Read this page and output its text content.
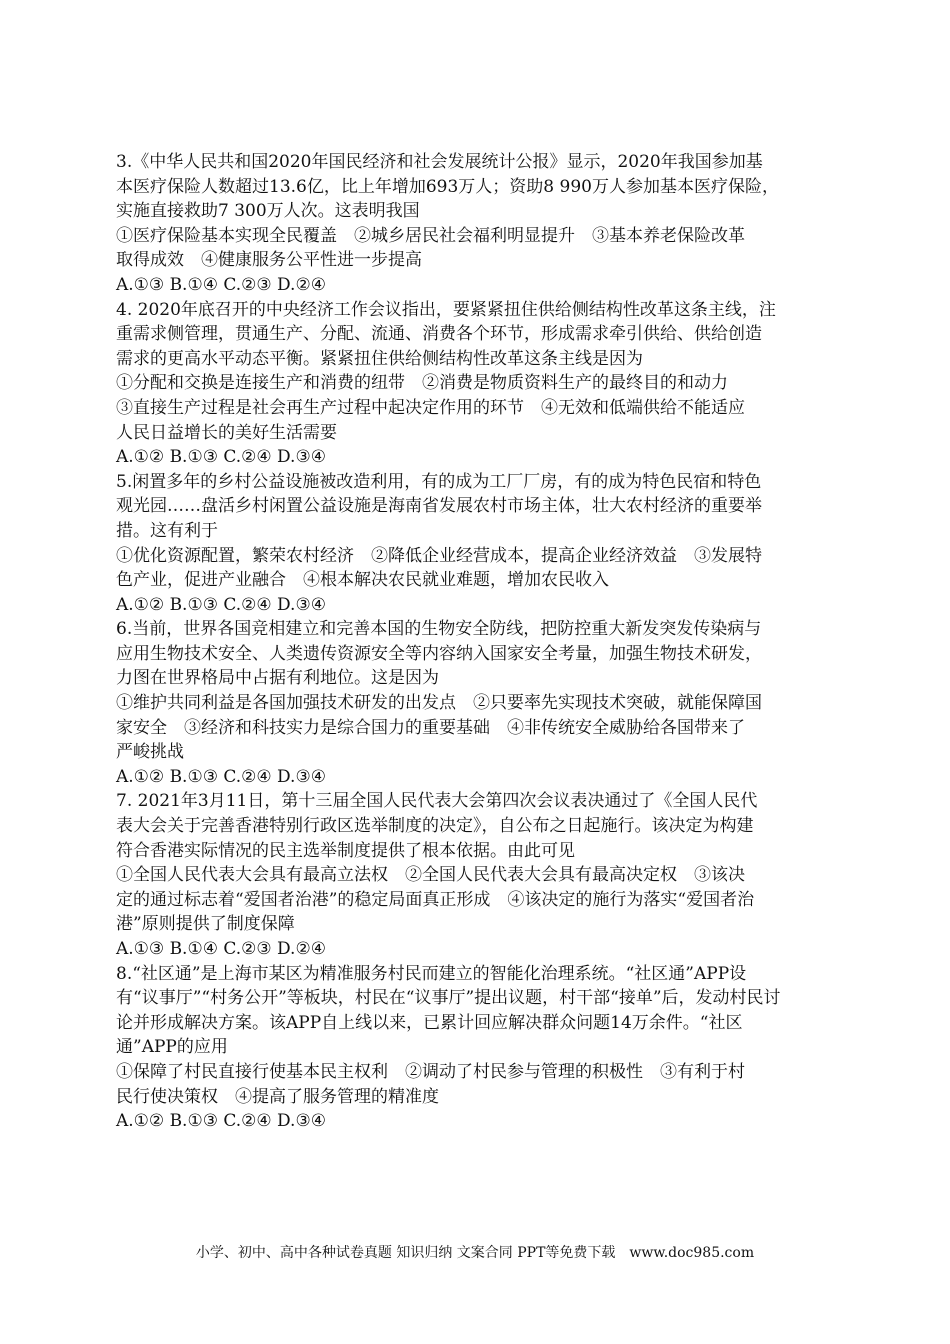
3.《中华人民共和国2020年国民经济和社会发展统计公报》显示，2020年我国参加基
本医疗保险人数超过13.6亿，比上年增加693万人；资助8 990万人参加基本医疗保险，
实施直接救助7 300万人次。这表明我国
①医疗保险基本实现全民覆盖　②城乡居民社会福利明显提升　③基本养老保险改革
取得成效　④健康服务公平性进一步提高
A.①③ B.①④ C.②③ D.②④
4. 2020年底召开的中央经济工作会议指出，要紧紧扭住供给侧结构性改革这条主线，注
重需求侧管理，贯通生产、分配、流通、消费各个环节，形成需求牵引供给、供给创造
需求的更高水平动态平衡。紧紧扭住供给侧结构性改革这条主线是因为
①分配和交换是连接生产和消费的纽带　②消费是物质资料生产的最终目的和动力
③直接生产过程是社会再生产过程中起决定作用的环节　④无效和低端供给不能适应
人民日益增长的美好生活需要
A.①② B.①③ C.②④ D.③④
5.闲置多年的乡村公益设施被改造利用，有的成为工厂厂房，有的成为特色民宿和特色
观光园……盘活乡村闲置公益设施是海南省发展农村市场主体，壮大农村经济的重要举
措。这有利于
①优化资源配置，繁荣农村经济　②降低企业经营成本，提高企业经济效益　③发展特
色产业，促进产业融合　④根本解决农民就业难题，增加农民收入
A.①② B.①③ C.②④ D.③④
6.当前，世界各国竞相建立和完善本国的生物安全防线，把防控重大新发突发传染病与
应用生物技术安全、人类遗传资源安全等内容纳入国家安全考量，加强生物技术研发，
力图在世界格局中占据有利地位。这是因为
①维护共同利益是各国加强技术研发的出发点　②只要率先实现技术突破，就能保障国
家安全　③经济和科技实力是综合国力的重要基础　④非传统安全威胁给各国带来了
严峻挑战
A.①② B.①③ C.②④ D.③④
7. 2021年3月11日，第十三届全国人民代表大会第四次会议表决通过了《全国人民代
表大会关于完善香港特别行政区选举制度的决定》，自公布之日起施行。该决定为构建
符合香港实际情况的民主选举制度提供了根本依据。由此可见
①全国人民代表大会具有最高立法权　②全国人民代表大会具有最高决定权　③该决
定的通过标志着“爱国者治港”的稳定局面真正形成　④该决定的施行为落实“爱国者治
港”原则提供了制度保障
A.①③ B.①④ C.②③ D.②④
8.“社区通”是上海市某区为精准服务村民而建立的智能化治理系统。“社区通”APP设
有“议事厅”“村务公开”等板块，村民在“议事厅”提出议题，村干部“接单”后，发动村民讨
论并形成解决方案。该APP自上线以来，已累计回应解决群众问题14万余件。“社区
通”APP的应用
①保障了村民直接行使基本民主权利　②调动了村民参与管理的积极性　③有利于村
民行使决策权　④提高了服务管理的精准度
A.①② B.①③ C.②④ D.③④
小学、初中、高中各种试卷真题 知识归纳 文案合同 PPT等免费下载　www.doc985.com
